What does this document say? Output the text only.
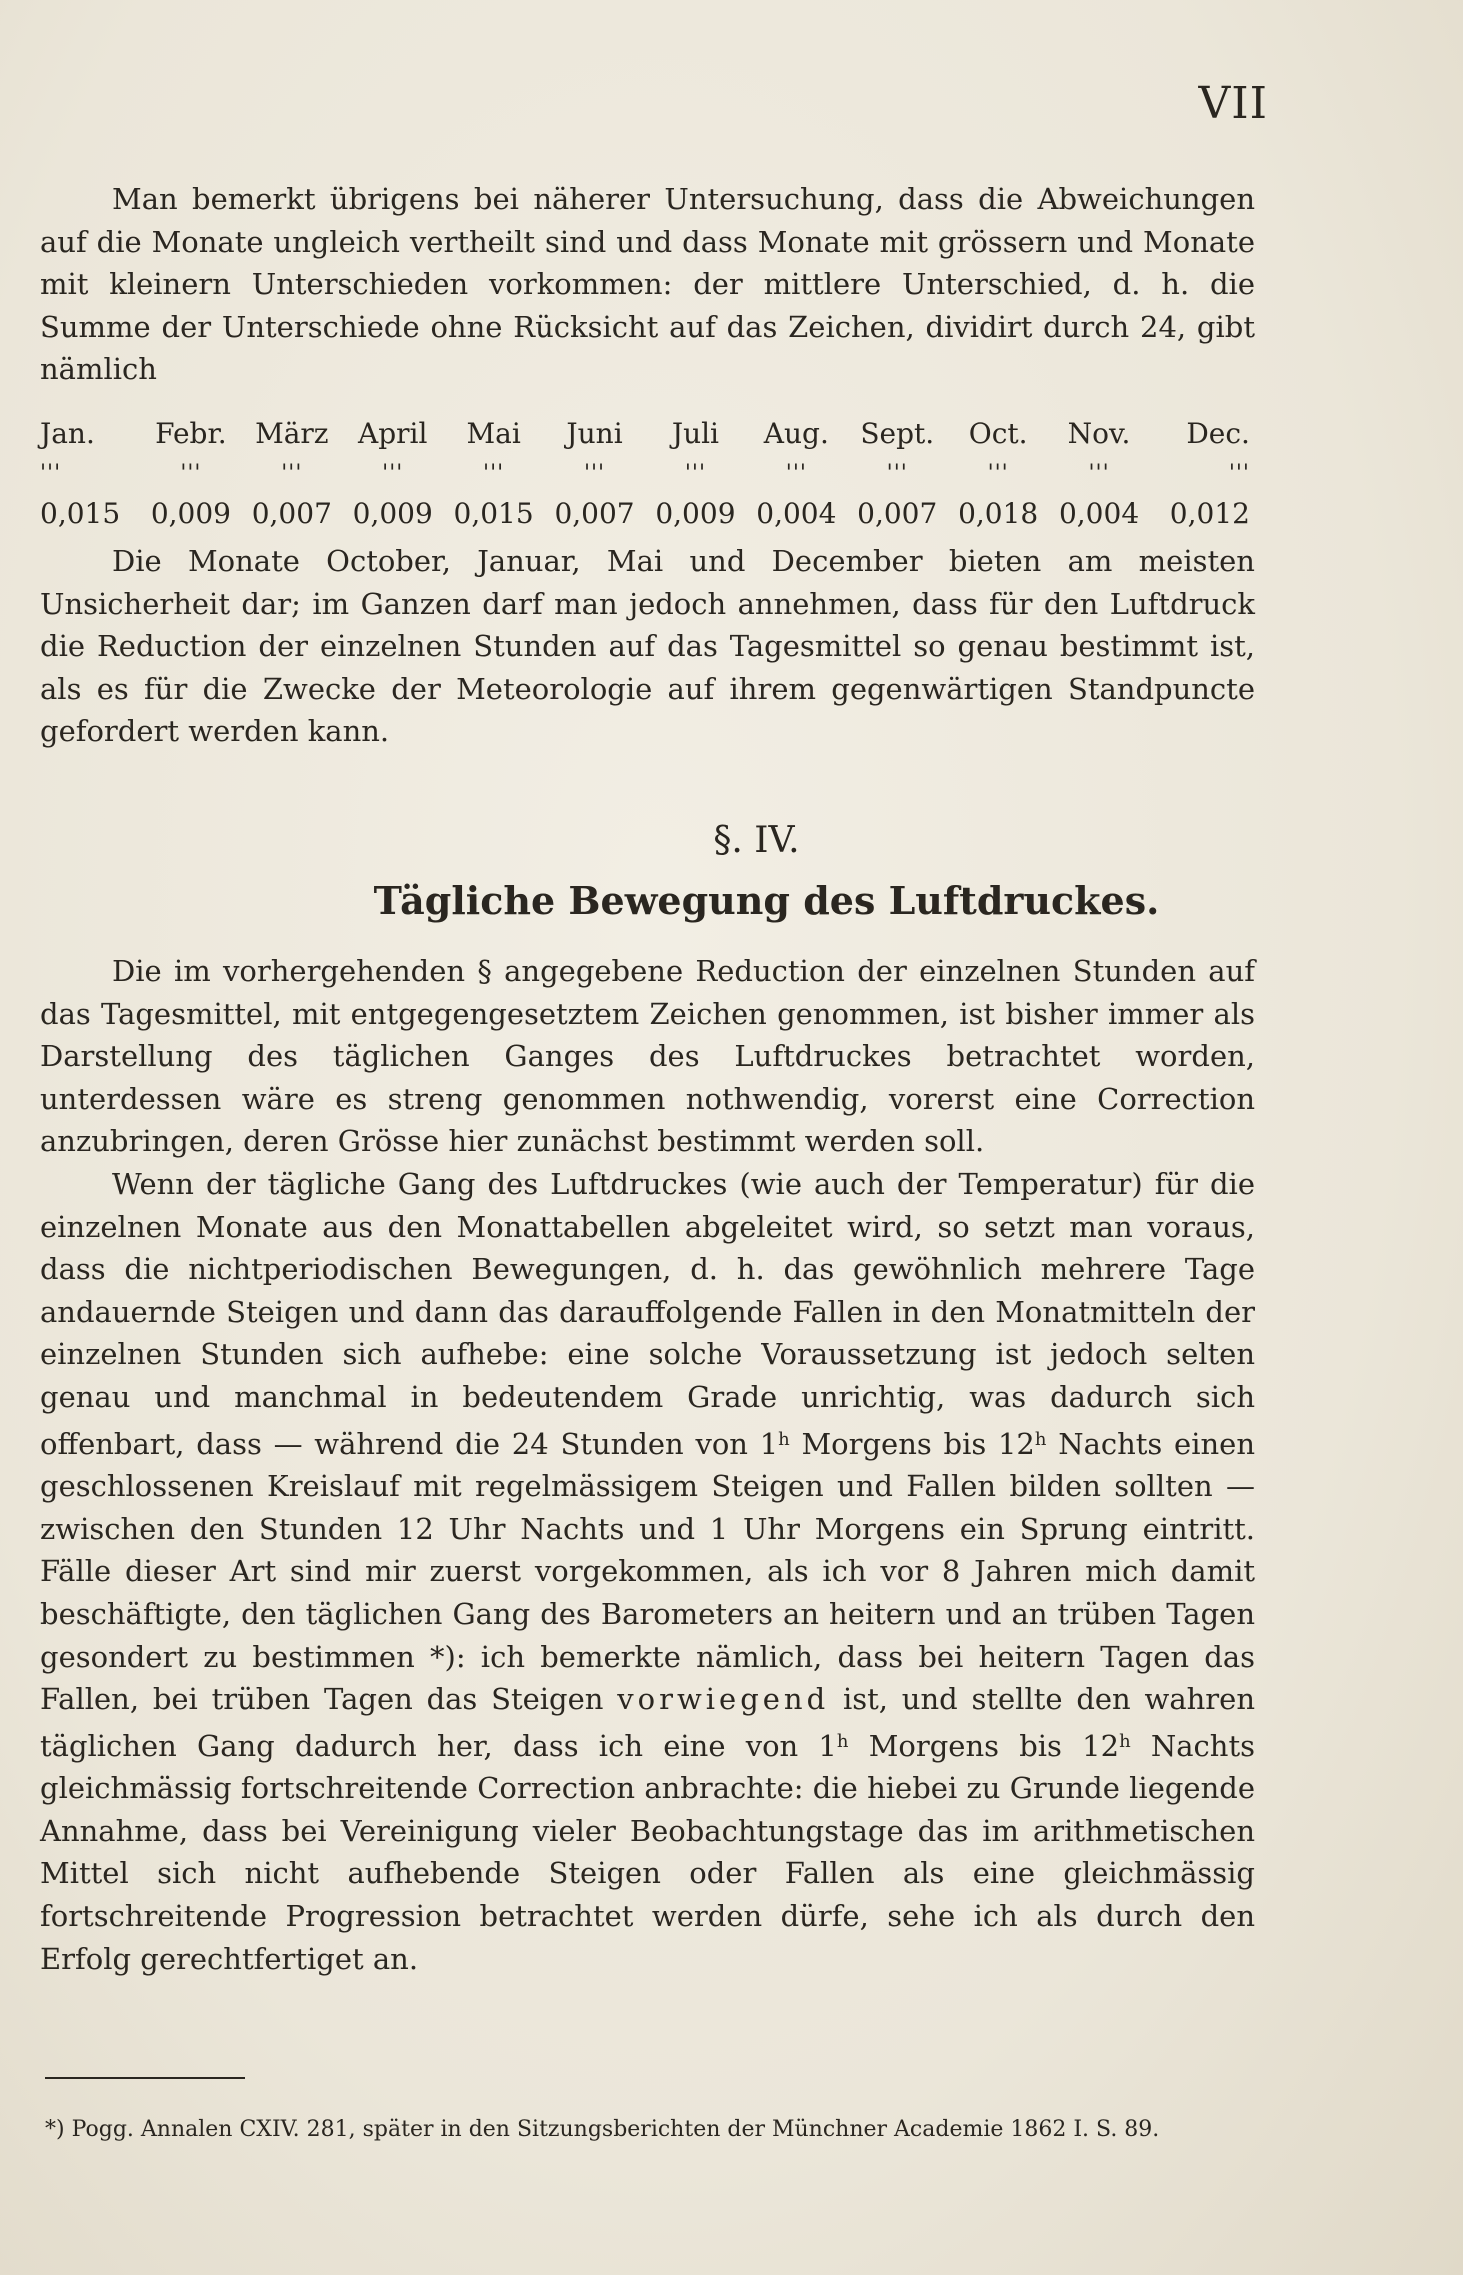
VII

Man bemerkt übrigens bei näherer Untersuchung, dass die Abweichungen auf die Monate ungleich vertheilt sind und dass Monate mit grössern und Monate mit kleinern Unterschieden vorkommen: der mittlere Unterschied, d. h. die Summe der Unterschiede ohne Rücksicht auf das Zeichen, dividirt durch 24, gibt nämlich

Jan.	Febr.	März	April	Mai	Juni	Juli	Aug.	Sept.	Oct.	Nov.	Dec.
'''	'''	'''	'''	'''	'''	'''	'''	'''	'''	'''	'''
0,015	0,009 0,007 0,009 0,015 0,007 0,009 0,004 0,007 0,018 0,004	0,012

Die Monate October, Januar, Mai und December bieten am meisten Unsicherheit dar; im Ganzen darf man jedoch annehmen, dass für den Luftdruck die Reduction der einzelnen Stunden auf das Tagesmittel so genau bestimmt ist, als es für die Zwecke der Meteorologie auf ihrem gegenwärtigen Standpuncte gefordert werden kann.

§. IV.
Tägliche Bewegung des Luftdruckes.

Die im vorhergehenden § angegebene Reduction der einzelnen Stunden auf das Tagesmittel, mit entgegengesetztem Zeichen genommen, ist bisher immer als Darstellung des täglichen Ganges des Luftdruckes betrachtet worden, unterdessen wäre es streng genommen nothwendig, vorerst eine Correction anzubringen, deren Grösse hier zunächst bestimmt werden soll.

Wenn der tägliche Gang des Luftdruckes (wie auch der Temperatur) für die einzelnen Monate aus den Monattabellen abgeleitet wird, so setzt man voraus, dass die nichtperiodischen Bewegungen, d. h. das gewöhnlich mehrere Tage andauernde Steigen und dann das darauffolgende Fallen in den Monatmitteln der einzelnen Stunden sich aufhebe: eine solche Voraussetzung ist jedoch selten genau und manchmal in bedeutendem Grade unrichtig, was dadurch sich offenbart, dass — während die 24 Stunden von 1$^h$ Morgens bis 12$^h$ Nachts einen geschlossenen Kreislauf mit regelmässigem Steigen und Fallen bilden sollten — zwischen den Stunden 12 Uhr Nachts und 1 Uhr Morgens ein Sprung eintritt. Fälle dieser Art sind mir zuerst vorgekommen, als ich vor 8 Jahren mich damit beschäftigte, den täglichen Gang des Barometers an heitern und an trüben Tagen gesondert zu bestimmen *): ich bemerkte nämlich, dass bei heitern Tagen das Fallen, bei trüben Tagen das Steigen vorwiegend ist, und stellte den wahren täglichen Gang dadurch her, dass ich eine von 1$^h$ Morgens bis 12$^h$ Nachts gleichmässig fortschreitende Correction anbrachte: die hiebei zu Grunde liegende Annahme, dass bei Vereinigung vieler Beobachtungstage das im arithmetischen Mittel sich nicht aufhebende Steigen oder Fallen als eine gleichmässig fortschreitende Progression betrachtet werden dürfe, sehe ich als durch den Erfolg gerechtfertiget an.

*) Pogg. Annalen CXIV. 281, später in den Sitzungsberichten der Münchner Academie 1862 I. S. 89.
